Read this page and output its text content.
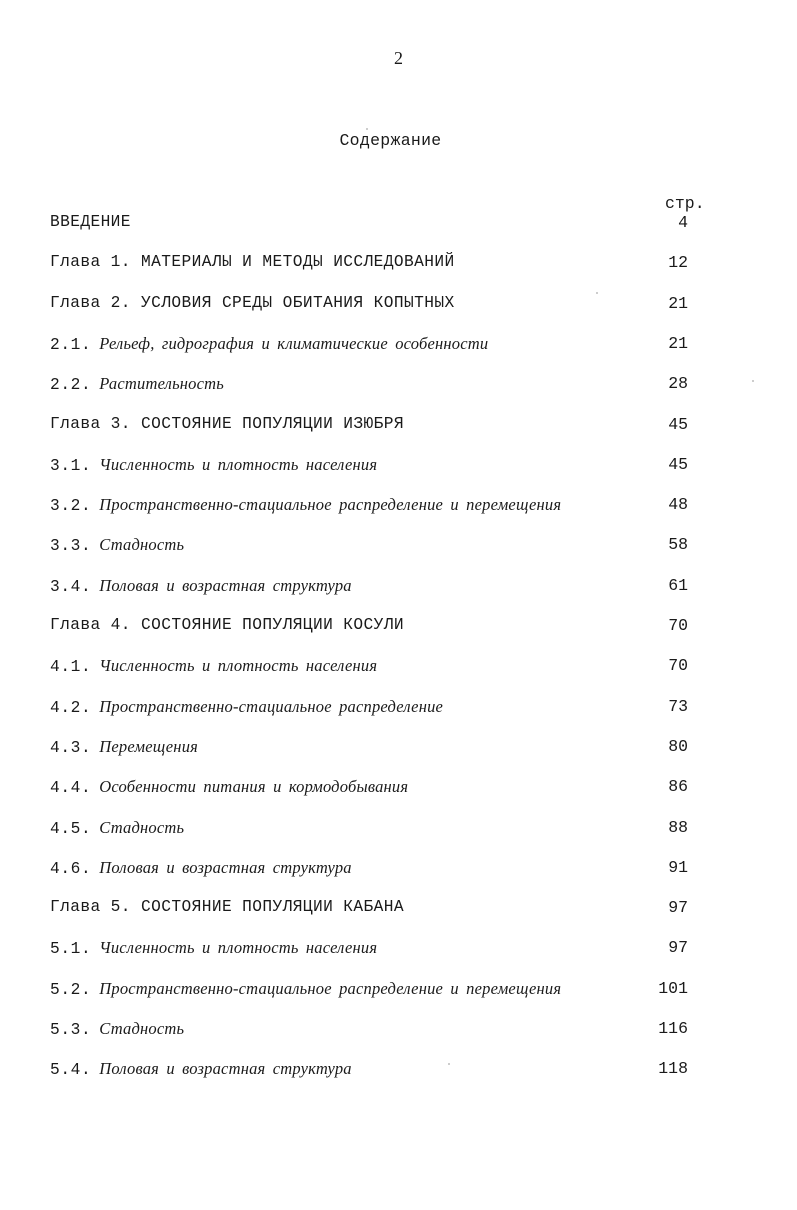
2
Содержание
стр.
ВВЕДЕНИЕ	4
Глава 1. МАТЕРИАЛЫ И МЕТОДЫ ИССЛЕДОВАНИЙ	12
Глава 2. УСЛОВИЯ СРЕДЫ ОБИТАНИЯ КОПЫТНЫХ	21
2.1. Рельеф, гидрография и климатические особенности	21
2.2. Растительность	28
Глава 3. СОСТОЯНИЕ ПОПУЛЯЦИИ ИЗЮБРЯ	45
3.1. Численность и плотность населения	45
3.2. Пространственно-стациальное распределение и перемещения	48
3.3. Стадность	58
3.4. Половая и возрастная структура	61
Глава 4. СОСТОЯНИЕ ПОПУЛЯЦИИ КОСУЛИ	70
4.1. Численность и плотность населения	70
4.2. Пространственно-стациальное распределение	73
4.3. Перемещения	80
4.4. Особенности питания и кормодобывания	86
4.5. Стадность	88
4.6. Половая и возрастная структура	91
Глава 5. СОСТОЯНИЕ ПОПУЛЯЦИИ КАБАНА	97
5.1. Численность и плотность населения	97
5.2. Пространственно-стациальное распределение и перемещения	101
5.3. Стадность	116
5.4. Половая и возрастная структура	118
